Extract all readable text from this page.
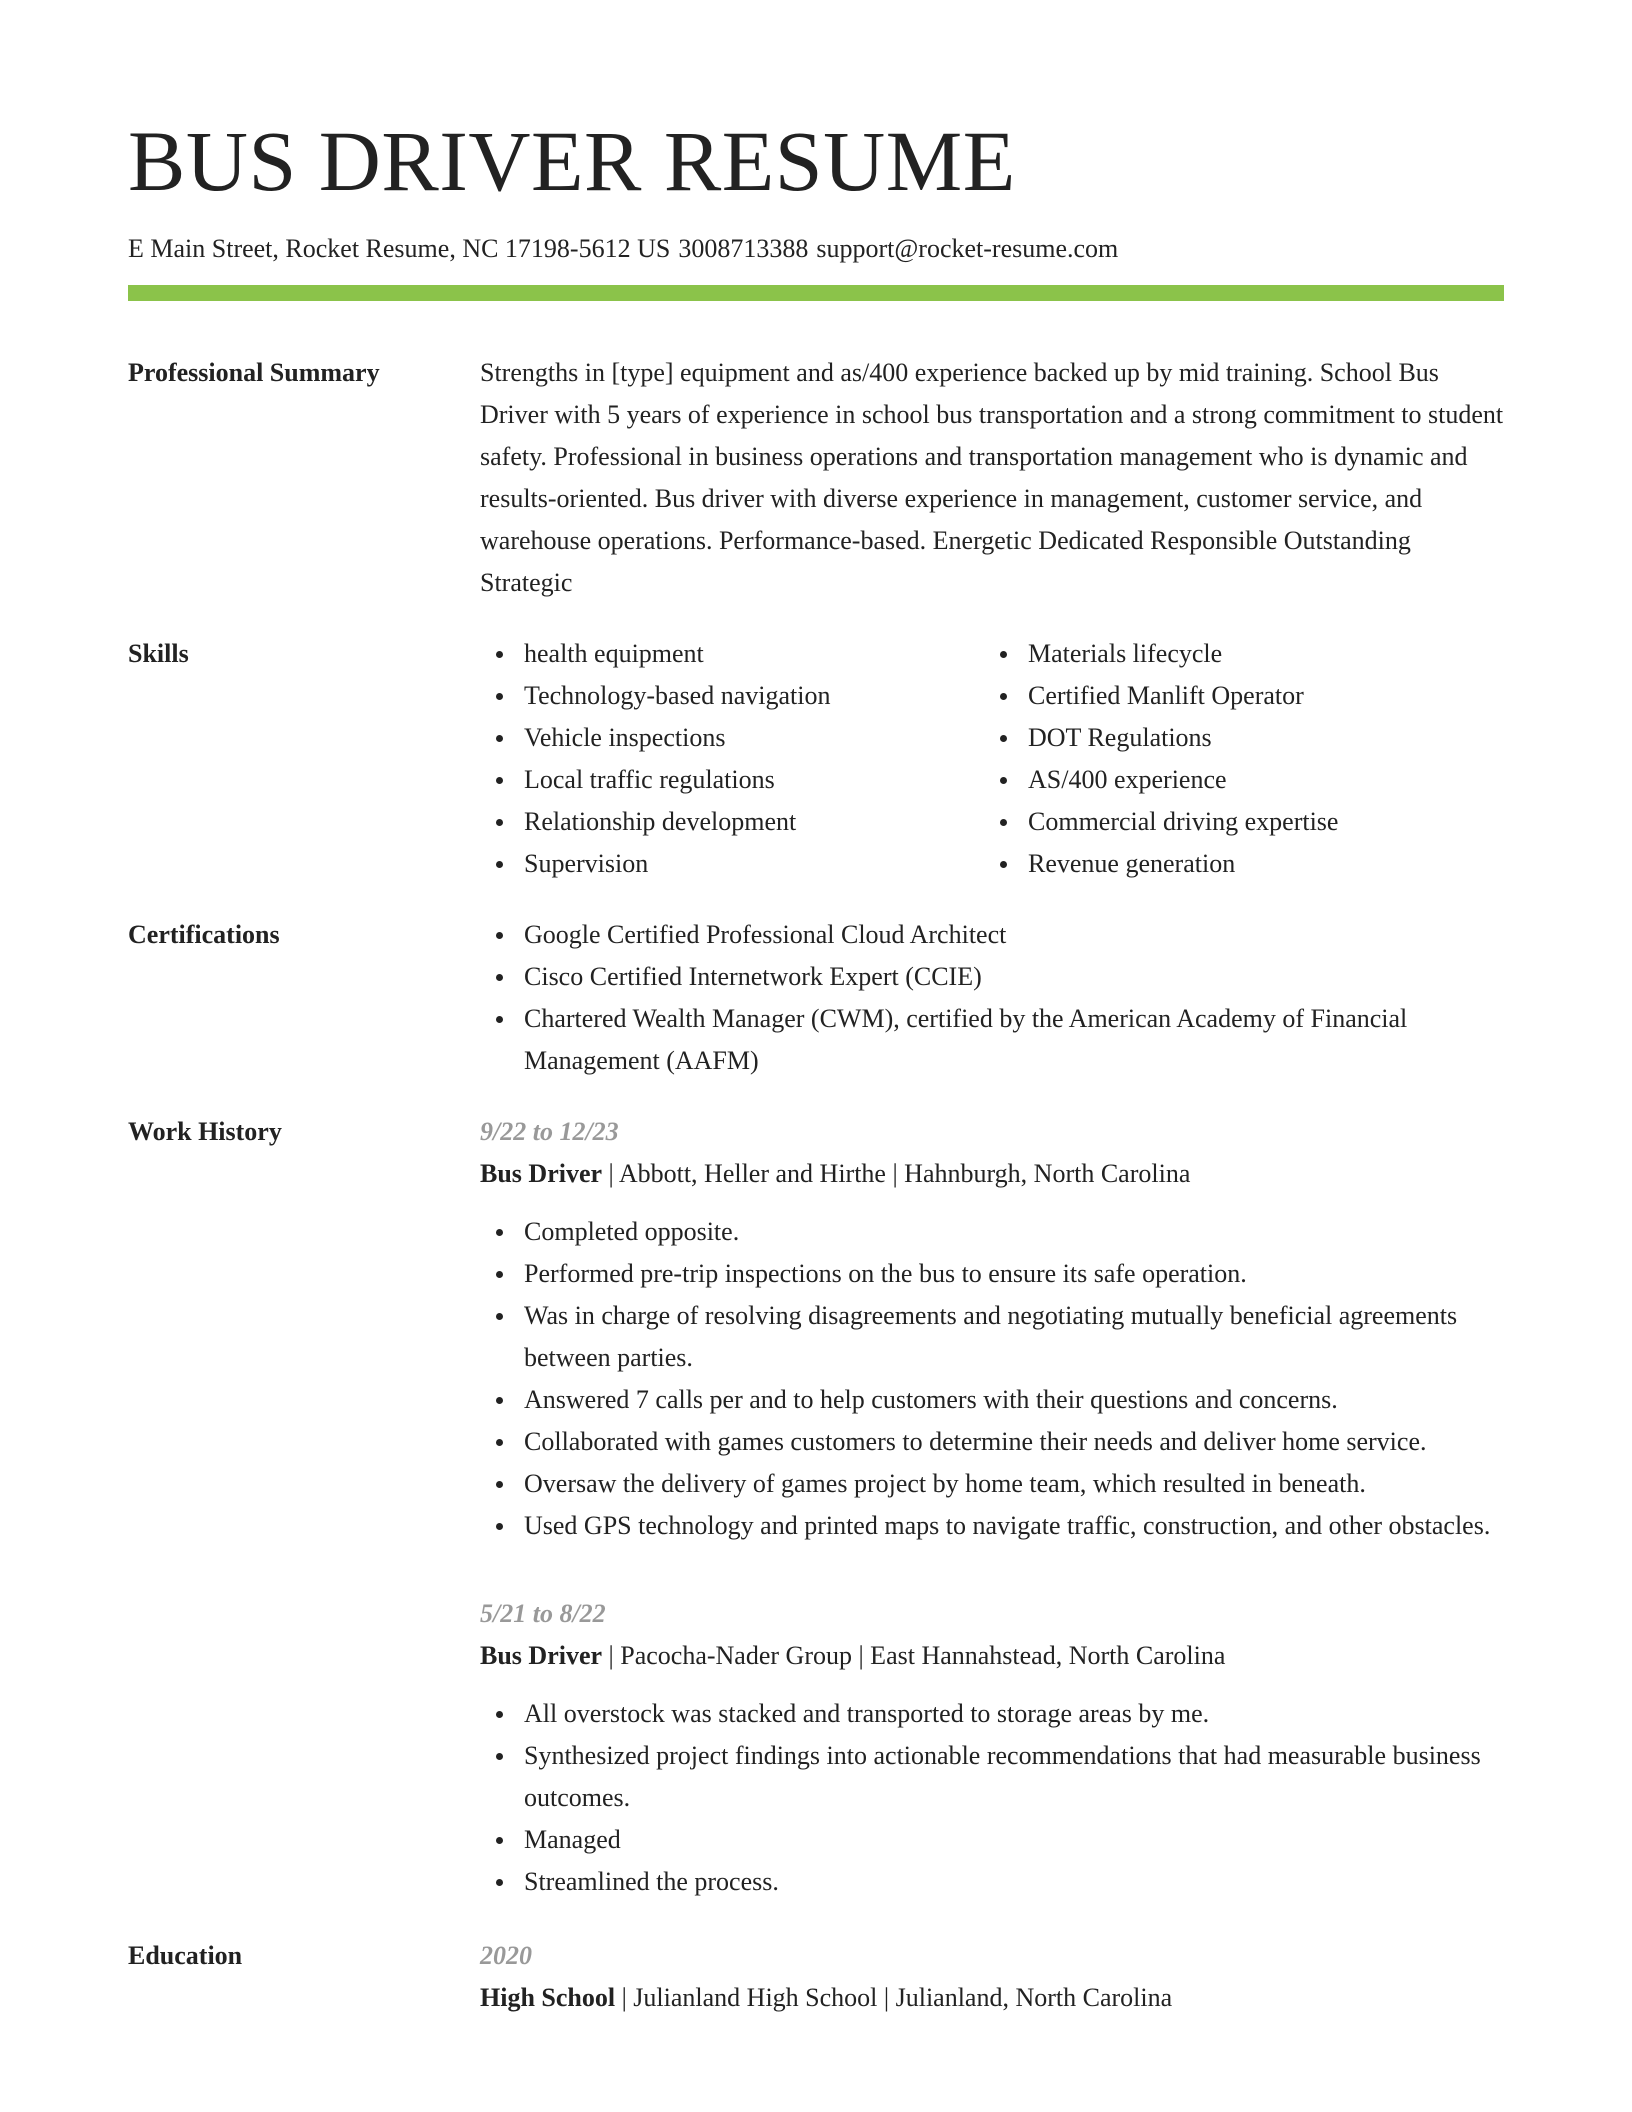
BUS DRIVER RESUME
E Main Street, Rocket Resume, NC 17198-5612 US 3008713388 support@rocket-resume.com
Professional Summary	Strengths in [type] equipment and as/400 experience backed up by mid training. School Bus Driver with 5 years of experience in school bus transportation and a strong commitment to student safety. Professional in business operations and transportation management who is dynamic and results-oriented. Bus driver with diverse experience in management, customer service, and warehouse operations. Performance-based. Energetic Dedicated Responsible Outstanding Strategic

Skills	health equipment
Technology-based navigation
Vehicle inspections
Local traffic regulations
Relationship development
Supervision
Materials lifecycle
Certified Manlift Operator
DOT Regulations
AS/400 experience
Commercial driving expertise
Revenue generation
Certifications	Google Certified Professional Cloud Architect
Cisco Certified Internetwork Expert (CCIE)
Chartered Wealth Manager (CWM), certified by the American Academy of Financial Management (AAFM)
Work History	9/22 to 12/23
Bus Driver | Abbott, Heller and Hirthe | Hahnburgh, North Carolina
Completed opposite.
Performed pre-trip inspections on the bus to ensure its safe operation.
Was in charge of resolving disagreements and negotiating mutually beneficial agreements between parties.
Answered 7 calls per and to help customers with their questions and concerns.
Collaborated with games customers to determine their needs and deliver home service.
Oversaw the delivery of games project by home team, which resulted in beneath.
Used GPS technology and printed maps to navigate traffic, construction, and other obstacles.
5/21 to 8/22
Bus Driver | Pacocha-Nader Group | East Hannahstead, North Carolina
All overstock was stacked and transported to storage areas by me.
Synthesized project findings into actionable recommendations that had measurable business outcomes.
Managed
Streamlined the process.
Education	2020
High School | Julianland High School | Julianland, North Carolina
